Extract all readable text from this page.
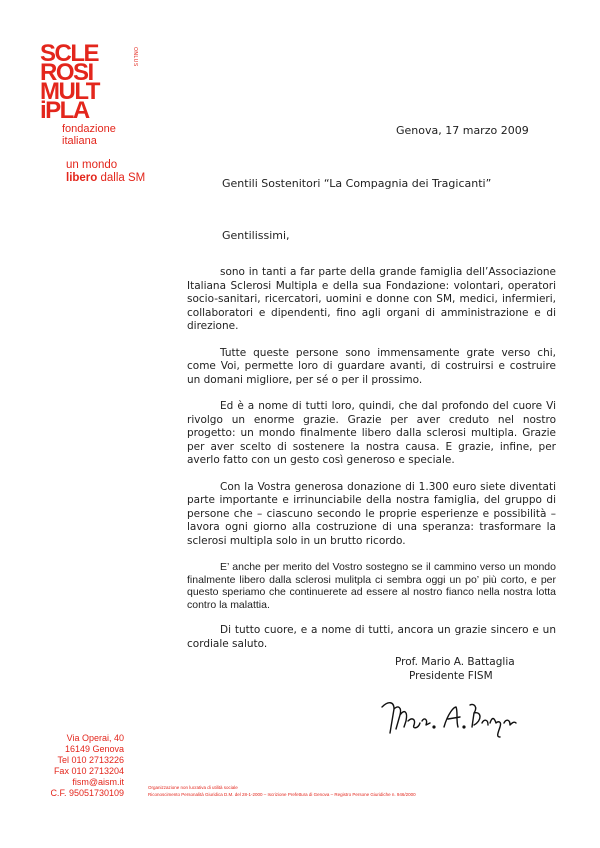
ONLUS
SCLE
ROSI
MULT
iPLA
fondazione
italiana
un mondo
libero dalla SM
Genova, 17 marzo 2009
Gentili Sostenitori “La Compagnia dei Tragicanti”
Gentilissimi,

sono in tanti a far parte della grande famiglia dell’Associazione Italiana Sclerosi Multipla e della sua Fondazione: volontari, operatori socio-sanitari, ricercatori, uomini e donne con SM, medici, infermieri, collaboratori e dipendenti, fino agli organi di amministrazione e di direzione.

Tutte queste persone sono immensamente grate verso chi, come Voi, permette loro di guardare avanti, di costruirsi e costruire un domani migliore, per sé o per il prossimo.

Ed è a nome di tutti loro, quindi, che dal profondo del cuore Vi rivolgo un enorme grazie. Grazie per aver creduto nel nostro progetto: un mondo finalmente libero dalla sclerosi multipla. Grazie per aver scelto di sostenere la nostra causa. E grazie, infine, per averlo fatto con un gesto così generoso e speciale.

Con la Vostra generosa donazione di 1.300 euro siete diventati parte importante e irrinunciabile della nostra famiglia, del gruppo di persone che – ciascuno secondo le proprie esperienze e possibilità – lavora ogni giorno alla costruzione di una speranza: trasformare la sclerosi multipla solo in un brutto ricordo.

E’ anche per merito del Vostro sostegno se il cammino verso un mondo finalmente libero dalla sclerosi mulitpla ci sembra oggi un po’ più corto, e per questo speriamo che continuerete ad essere al nostro fianco nella nostra lotta contro la malattia.

Di tutto cuore, e a nome di tutti, ancora un grazie sincero e un cordiale saluto.

Prof. Mario A. Battaglia
Presidente FISM
Via Operai, 40
16149 Genova
Tel 010 2713226
Fax 010 2713204
fism@aism.it
C.F. 95051730109
Organizzazione non lucrativa di utilità sociale
Riconoscimento Personalità Giuridica D.M. del 28-1-2000 – Iscrizione Prefettura di Genova – Registro Persone Giuridiche n. 946/2000
